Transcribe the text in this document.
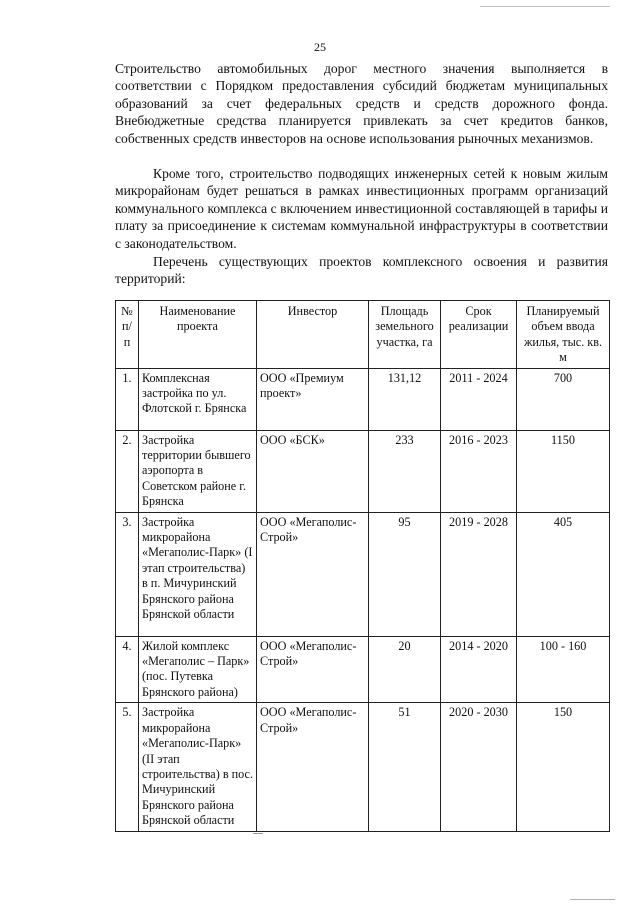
25

Строительство автомобильных дорог местного значения выполняется в соответствии с Порядком предоставления субсидий бюджетам муниципальных образований за счет федеральных средств и средств дорожного фонда. Внебюджетные средства планируется привлекать за счет кредитов банков, собственных средств инвесторов на основе использования рыночных механизмов.

Кроме того, строительство подводящих инженерных сетей к новым жилым микрорайонам будет решаться в рамках инвестиционных программ организаций коммунального комплекса с включением инвестиционной составляющей в тарифы и плату за присоединение к системам коммунальной инфраструктуры в соответствии с законодательством.

Перечень существующих проектов комплексного освоения и развития территорий:

№ п/п	Наименование проекта	Инвестор	Площадь земельного участка, га	Срок реализации	Планируемый объем ввода жилья, тыс. кв. м
1.	Комплексная застройка по ул. Флотской г. Брянска	ООО «Премиум проект»	131,12	2011 - 2024	700
2.	Застройка территории бывшего аэропорта в Советском районе г. Брянска	ООО «БСК»	233	2016 - 2023	1150
3.	Застройка микрорайона «Мегаполис-Парк» (I этап строительства) в п. Мичуринский Брянского района Брянской области	ООО «Мегаполис-Строй»	95	2019 - 2028	405
4.	Жилой комплекс «Мегаполис – Парк» (пос. Путевка Брянского района)	ООО «Мегаполис-Строй»	20	2014 - 2020	100 - 160
5.	Застройка микрорайона «Мегаполис-Парк» (II этап строительства) в пос. Мичуринский Брянского района Брянской области	ООО «Мегаполис-Строй»	51	2020 - 2030	150
